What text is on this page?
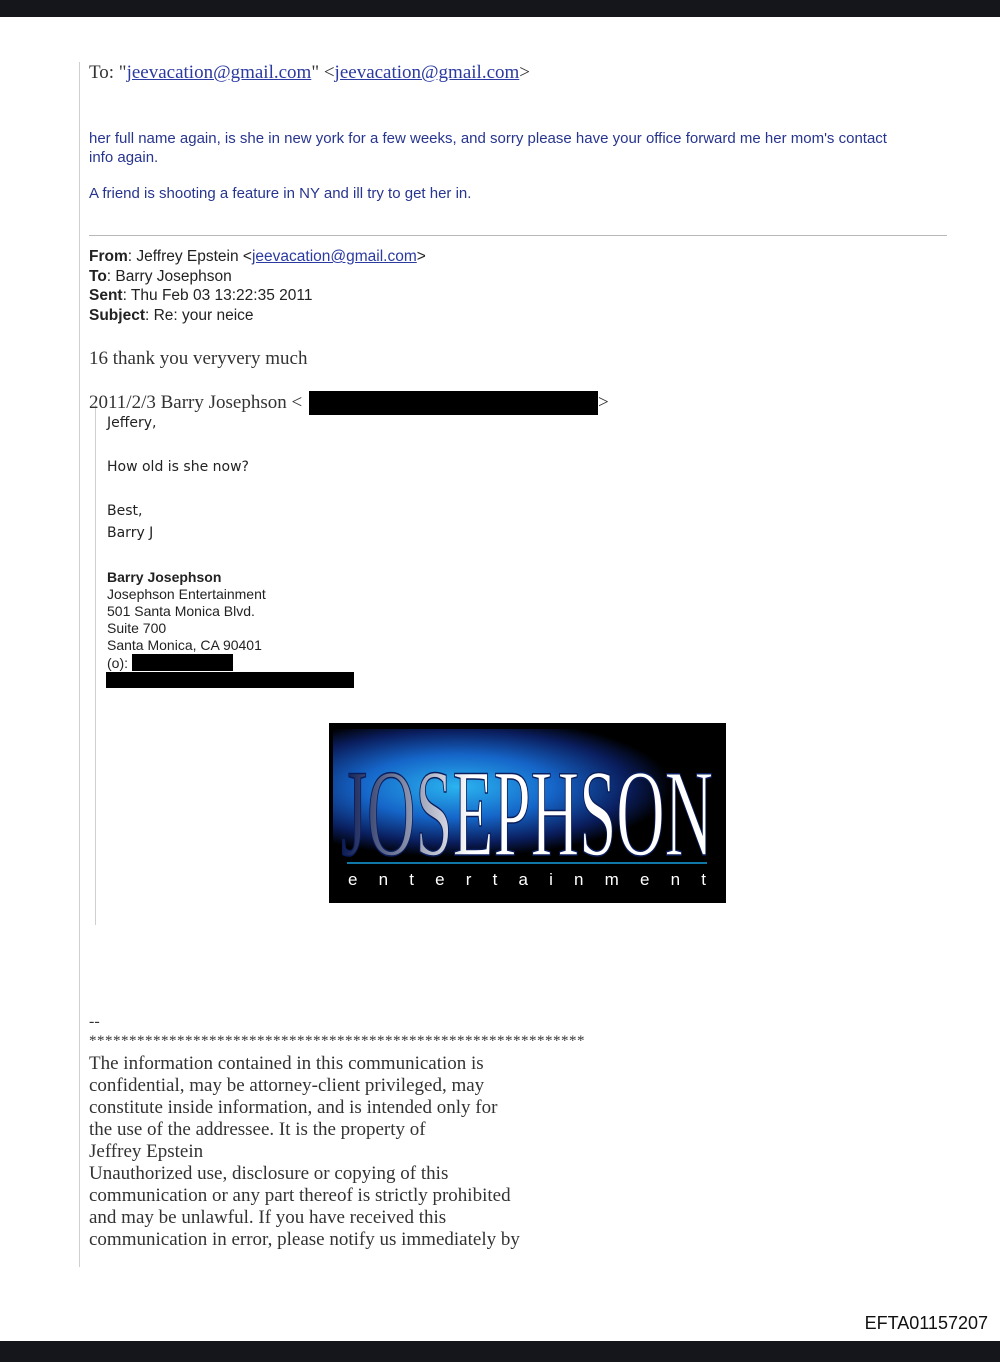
To: "jeevacation@gmail.com" <jeevacation@gmail.com>
her full name again, is she in new york for a few weeks, and sorry please have your office forward me her mom's contact
info again.
A friend is shooting a feature in NY and ill try to get her in.
From: Jeffrey Epstein <jeevacation@gmail.com>
To: Barry Josephson
Sent: Thu Feb 03 13:22:35 2011
Subject: Re: your neice
16 thank you veryvery much
2011/2/3 Barry Josephson <	>
Jeffery,
How old is she now?
Best,
Barry J
Barry Josephson
Josephson Entertainment
501 Santa Monica Blvd.
Suite 700
Santa Monica, CA 90401
(o):
JOSEPHSON
e n t e r t a i n m e n t
--
**************************************************************
The information contained in this communication is
confidential, may be attorney-client privileged, may
constitute inside information, and is intended only for
the use of the addressee. It is the property of
Jeffrey Epstein
Unauthorized use, disclosure or copying of this
communication or any part thereof is strictly prohibited
and may be unlawful. If you have received this
communication in error, please notify us immediately by
EFTA01157207
